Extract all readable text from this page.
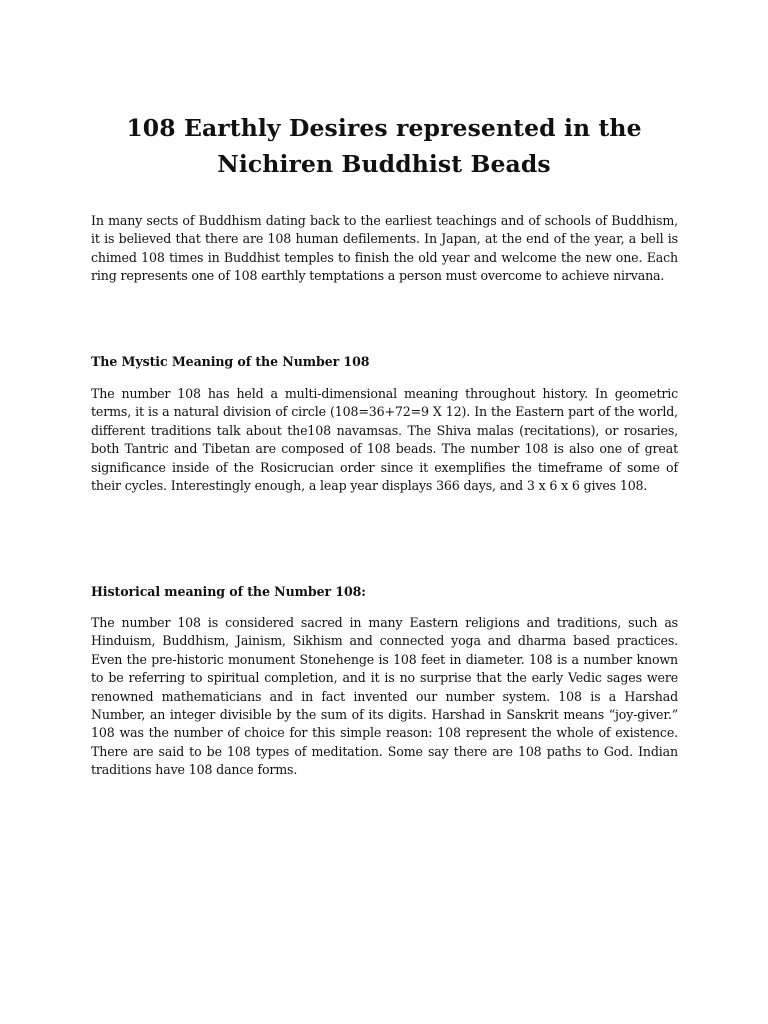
108 Earthly Desires represented in the Nichiren Buddhist Beads

In many sects of Buddhism dating back to the earliest teachings and of schools of Buddhism, it is believed that there are 108 human defilements. In Japan, at the end of the year, a bell is chimed 108 times in Buddhist temples to finish the old year and welcome the new one. Each ring represents one of 108 earthly temptations a person must overcome to achieve nirvana.

The Mystic Meaning of the Number 108

The number 108 has held a multi-dimensional meaning throughout history. In geometric terms, it is a natural division of circle (108=36+72=9 X 12). In the Eastern part of the world, different traditions talk about the108 navamsas. The Shiva malas (recitations), or rosaries, both Tantric and Tibetan are composed of 108 beads. The number 108 is also one of great significance inside of the Rosicrucian order since it exemplifies the timeframe of some of their cycles. Interestingly enough, a leap year displays 366 days, and 3 x 6 x 6 gives 108.

Historical meaning of the Number 108:

The number 108 is considered sacred in many Eastern religions and traditions, such as Hinduism, Buddhism, Jainism, Sikhism and connected yoga and dharma based practices. Even the pre-historic monument Stonehenge is 108 feet in diameter. 108 is a number known to be referring to spiritual completion, and it is no surprise that the early Vedic sages were renowned mathematicians and in fact invented our number system. 108 is a Harshad Number, an integer divisible by the sum of its digits. Harshad in Sanskrit means “joy-giver.” 108 was the number of choice for this simple reason: 108 represent the whole of existence. There are said to be 108 types of meditation. Some say there are 108 paths to God. Indian traditions have 108 dance forms.
